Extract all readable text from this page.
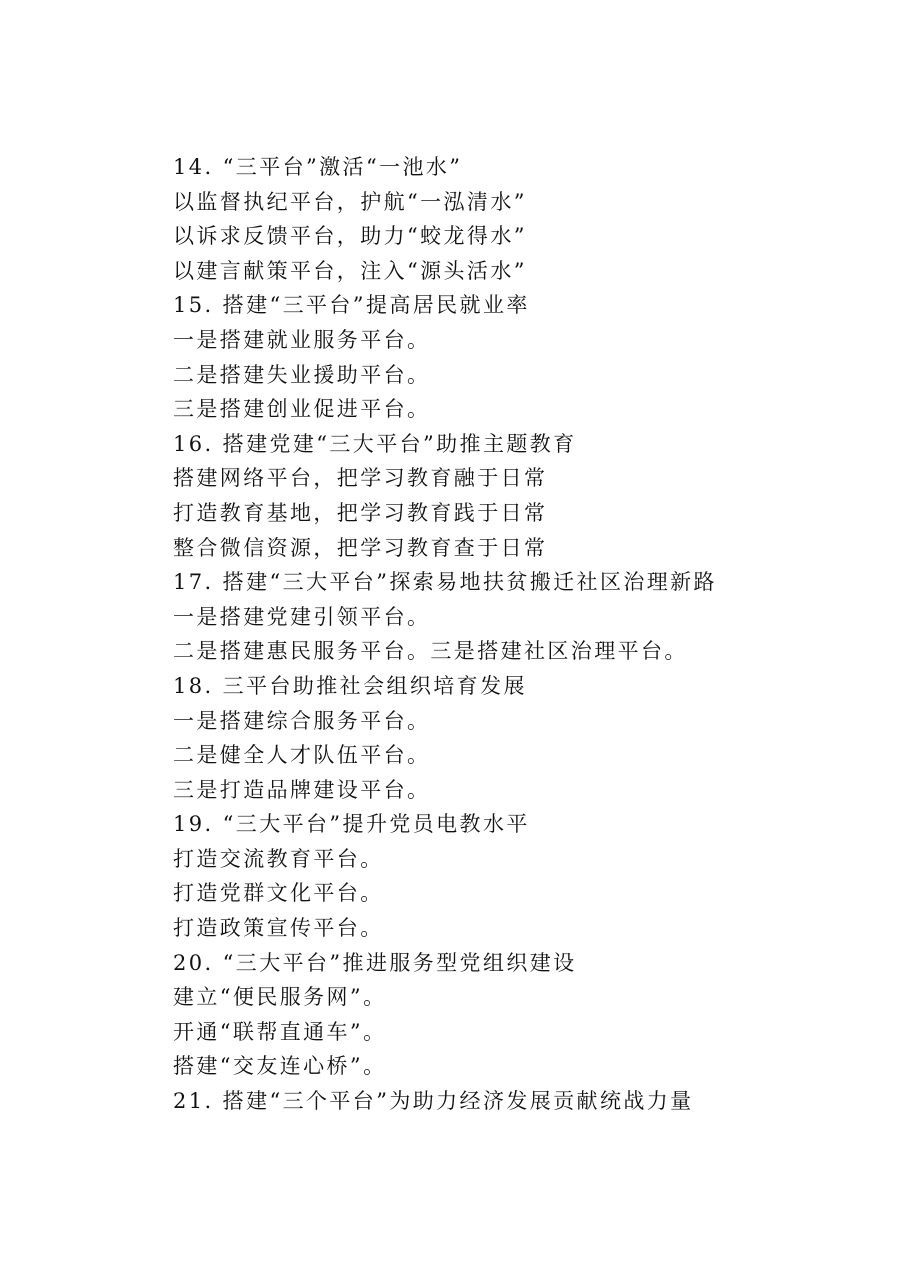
14. “三平台”激活“一池水”
以监督执纪平台，护航“一泓清水”
以诉求反馈平台，助力“蛟龙得水”
以建言献策平台，注入“源头活水”
15. 搭建“三平台”提高居民就业率
一是搭建就业服务平台。
二是搭建失业援助平台。
三是搭建创业促进平台。
16. 搭建党建“三大平台”助推主题教育
搭建网络平台，把学习教育融于日常
打造教育基地，把学习教育践于日常
整合微信资源，把学习教育查于日常
17. 搭建“三大平台”探索易地扶贫搬迁社区治理新路
一是搭建党建引领平台。
二是搭建惠民服务平台。三是搭建社区治理平台。
18. 三平台助推社会组织培育发展
一是搭建综合服务平台。
二是健全人才队伍平台。
三是打造品牌建设平台。
19. “三大平台”提升党员电教水平
打造交流教育平台。
打造党群文化平台。
打造政策宣传平台。
20. “三大平台”推进服务型党组织建设
建立“便民服务网”。
开通“联帮直通车”。
搭建“交友连心桥”。
21. 搭建“三个平台”为助力经济发展贡献统战力量
